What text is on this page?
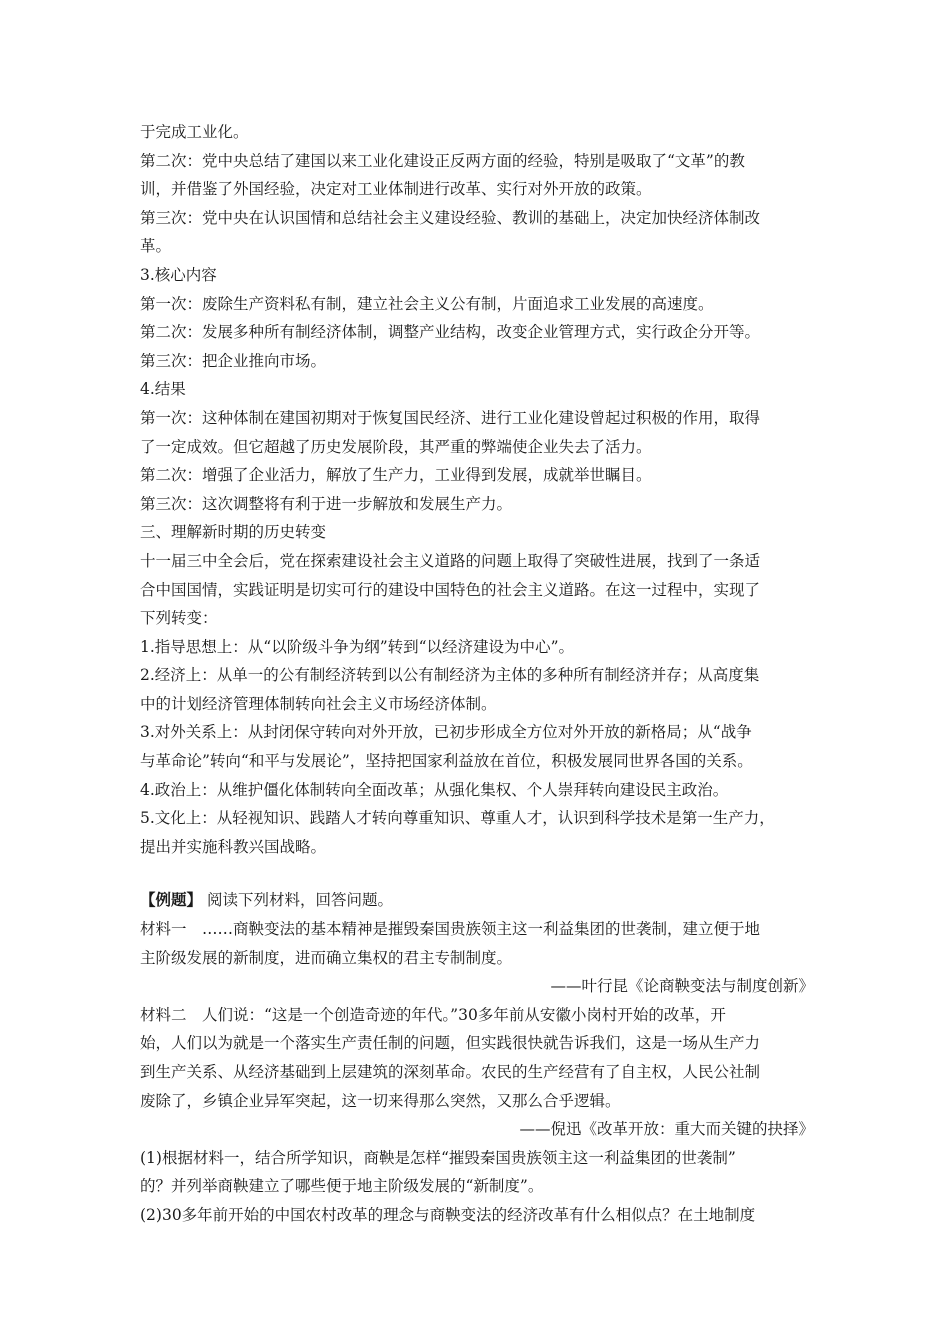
于完成工业化。
第二次：党中央总结了建国以来工业化建设正反两方面的经验，特别是吸取了“文革”的教
训，并借鉴了外国经验，决定对工业体制进行改革、实行对外开放的政策。
第三次：党中央在认识国情和总结社会主义建设经验、教训的基础上，决定加快经济体制改
革。
3.核心内容
第一次：废除生产资料私有制，建立社会主义公有制，片面追求工业发展的高速度。
第二次：发展多种所有制经济体制，调整产业结构，改变企业管理方式，实行政企分开等。
第三次：把企业推向市场。
4.结果
第一次：这种体制在建国初期对于恢复国民经济、进行工业化建设曾起过积极的作用，取得
了一定成效。但它超越了历史发展阶段，其严重的弊端使企业失去了活力。
第二次：增强了企业活力，解放了生产力，工业得到发展，成就举世瞩目。
第三次：这次调整将有利于进一步解放和发展生产力。
三、理解新时期的历史转变
十一届三中全会后，党在探索建设社会主义道路的问题上取得了突破性进展，找到了一条适
合中国国情，实践证明是切实可行的建设中国特色的社会主义道路。在这一过程中，实现了
下列转变：
1.指导思想上：从“以阶级斗争为纲”转到“以经济建设为中心”。
2.经济上：从单一的公有制经济转到以公有制经济为主体的多种所有制经济并存；从高度集
中的计划经济管理体制转向社会主义市场经济体制。
3.对外关系上：从封闭保守转向对外开放，已初步形成全方位对外开放的新格局；从“战争
与革命论”转向“和平与发展论”，坚持把国家利益放在首位，积极发展同世界各国的关系。
4.政治上：从维护僵化体制转向全面改革；从强化集权、个人崇拜转向建设民主政治。
5.文化上：从轻视知识、践踏人才转向尊重知识、尊重人才，认识到科学技术是第一生产力，
提出并实施科教兴国战略。
【例题】 阅读下列材料，回答问题。
材料一　……商鞅变法的基本精神是摧毁秦国贵族领主这一利益集团的世袭制，建立便于地
主阶级发展的新制度，进而确立集权的君主专制制度。
——叶行昆《论商鞅变法与制度创新》
材料二　人们说：“这是一个创造奇迹的年代。”30多年前从安徽小岗村开始的改革，开
始，人们以为就是一个落实生产责任制的问题，但实践很快就告诉我们，这是一场从生产力
到生产关系、从经济基础到上层建筑的深刻革命。农民的生产经营有了自主权，人民公社制
废除了，乡镇企业异军突起，这一切来得那么突然，又那么合乎逻辑。
——倪迅《改革开放：重大而关键的抉择》
(1)根据材料一，结合所学知识，商鞅是怎样“摧毁秦国贵族领主这一利益集团的世袭制”
的？并列举商鞅建立了哪些便于地主阶级发展的“新制度”。
(2)30多年前开始的中国农村改革的理念与商鞅变法的经济改革有什么相似点？在土地制度
